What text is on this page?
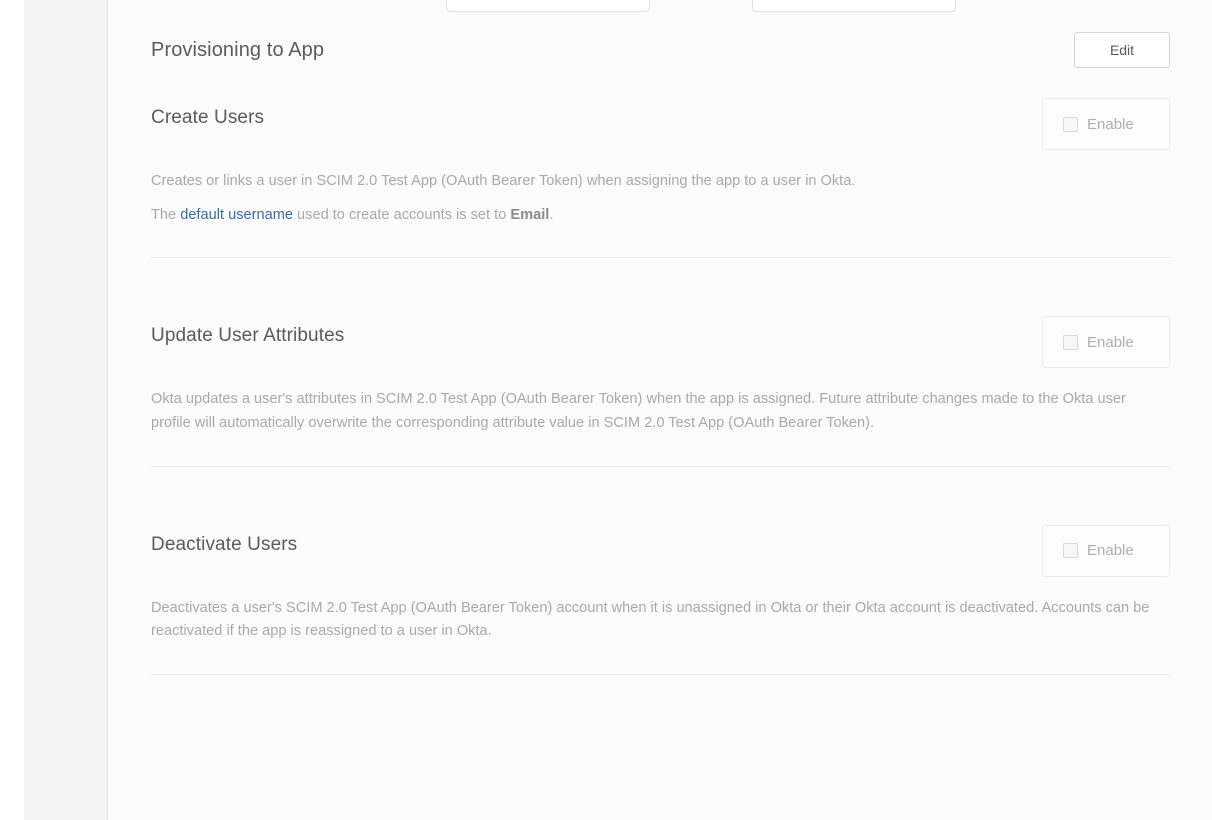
Provisioning to App	Edit
Create Users	Enable
Creates or links a user in SCIM 2.0 Test App (OAuth Bearer Token) when assigning the app to a user in Okta.
The default username used to create accounts is set to Email.
Update User Attributes	Enable
Okta updates a user's attributes in SCIM 2.0 Test App (OAuth Bearer Token) when the app is assigned. Future attribute changes made to the Okta user profile will automatically overwrite the corresponding attribute value in SCIM 2.0 Test App (OAuth Bearer Token).
Deactivate Users	Enable
Deactivates a user's SCIM 2.0 Test App (OAuth Bearer Token) account when it is unassigned in Okta or their Okta account is deactivated. Accounts can be reactivated if the app is reassigned to a user in Okta.
